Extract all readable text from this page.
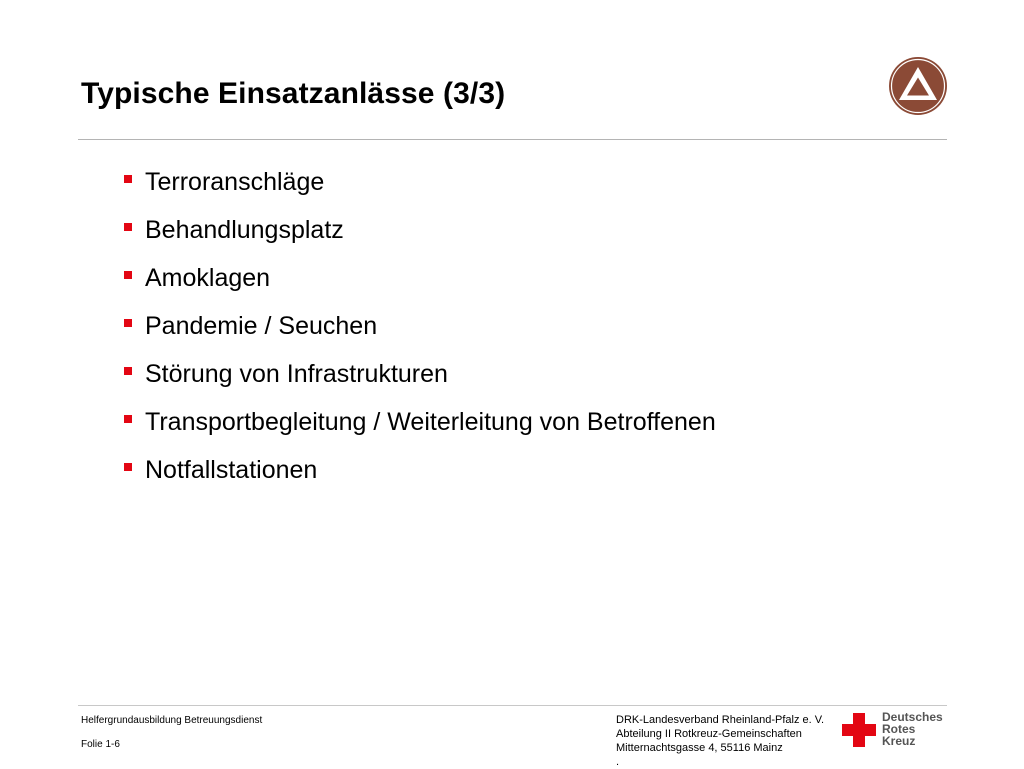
Typische Einsatzanlässe (3/3)
Terroranschläge
Behandlungsplatz
Amoklagen
Pandemie / Seuchen
Störung von Infrastrukturen
Transportbegleitung / Weiterleitung von Betroffenen
Notfallstationen
Helfergrundausbildung Betreuungsdienst
Folie 1-6
DRK-Landesverband Rheinland-Pfalz e. V.
Abteilung II Rotkreuz-Gemeinschaften
Mitternachtsgasse 4, 55116 Mainz
.
Deutsches
Rotes
Kreuz
